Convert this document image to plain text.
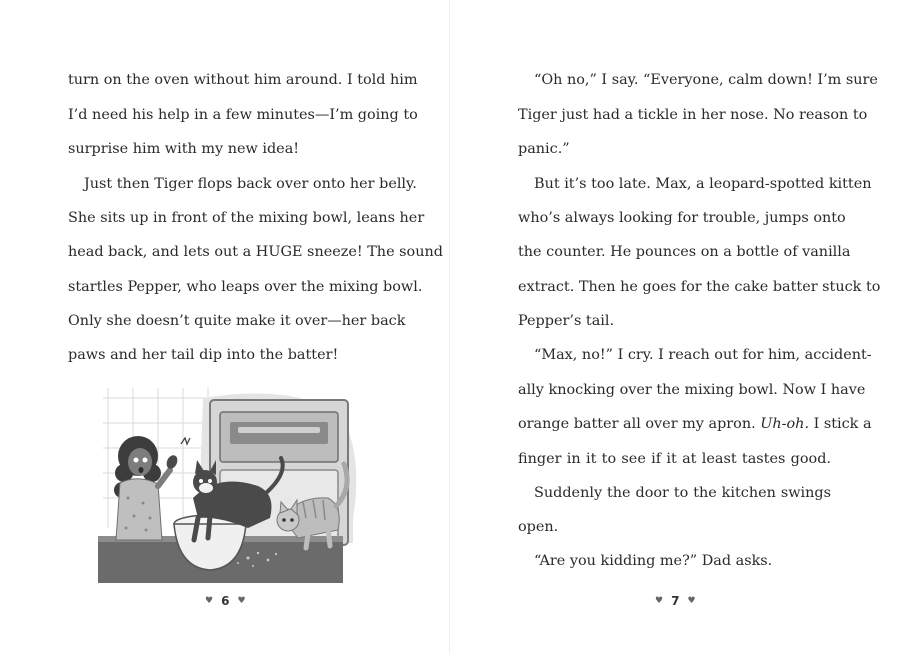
turn on the oven without him around. I told him
I’d need his help in a few minutes—I’m going to
surprise him with my new idea!
Just then Tiger flops back over onto her belly.
She sits up in front of the mixing bowl, leans her
head back, and lets out a HUGE sneeze! The sound
startles Pepper, who leaps over the mixing bowl.
Only she doesn’t quite make it over—her back
paws and her tail dip into the batter!
♥ 6 ♥
“Oh no,” I say. “Everyone, calm down! I’m sure
Tiger just had a tickle in her nose. No reason to
panic.”
But it’s too late. Max, a leopard-spotted kitten
who’s always looking for trouble, jumps onto
the counter. He pounces on a bottle of vanilla
extract. Then he goes for the cake batter stuck to
Pepper’s tail.
“Max, no!” I cry. I reach out for him, accident-
ally knocking over the mixing bowl. Now I have
orange batter all over my apron. Uh-oh. I stick a
finger in it to see if it at least tastes good.
Suddenly the door to the kitchen swings
open.
“Are you kidding me?” Dad asks.
♥ 7 ♥
